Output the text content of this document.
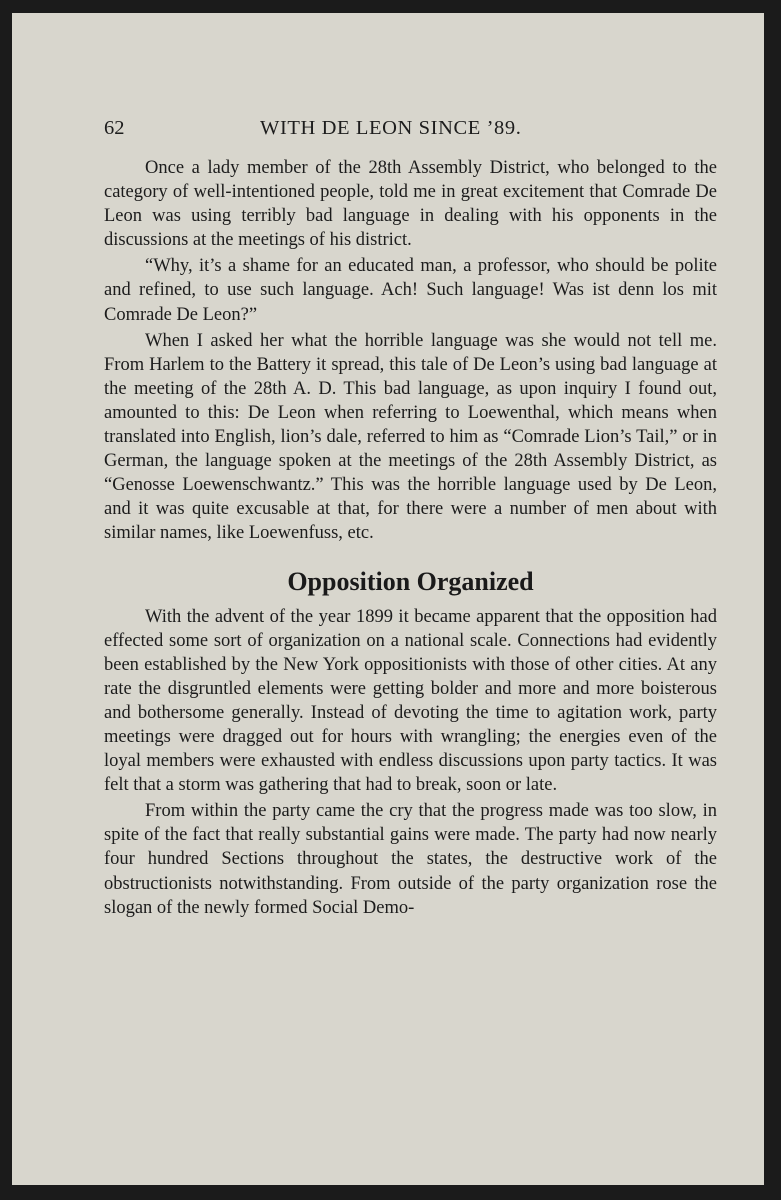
62	WITH DE LEON SINCE ’89.

Once a lady member of the 28th Assembly District, who belonged to the category of well-intentioned people, told me in great excitement that Comrade De Leon was using terribly bad language in dealing with his opponents in the discussions at the meetings of his district.

“Why, it’s a shame for an educated man, a professor, who should be polite and refined, to use such language. Ach! Such language! Was ist denn los mit Comrade De Leon?”

When I asked her what the horrible language was she would not tell me. From Harlem to the Battery it spread, this tale of De Leon’s using bad language at the meeting of the 28th A. D. This bad language, as upon inquiry I found out, amounted to this: De Leon when referring to Loewenthal, which means when translated into English, lion’s dale, referred to him as “Comrade Lion’s Tail,” or in German, the language spoken at the meetings of the 28th Assembly District, as “Genosse Loewenschwantz.” This was the horrible language used by De Leon, and it was quite excusable at that, for there were a number of men about with similar names, like Loewenfuss, etc.

Opposition Organized

With the advent of the year 1899 it became apparent that the opposition had effected some sort of organization on a national scale. Connections had evidently been established by the New York oppositionists with those of other cities. At any rate the disgruntled elements were getting bolder and more and more boisterous and bothersome generally. Instead of devoting the time to agitation work, party meetings were dragged out for hours with wrangling; the energies even of the loyal members were exhausted with endless discussions upon party tactics. It was felt that a storm was gathering that had to break, soon or late.

From within the party came the cry that the progress made was too slow, in spite of the fact that really substantial gains were made. The party had now nearly four hundred Sections throughout the states, the destructive work of the obstructionists notwithstanding. From outside of the party organization rose the slogan of the newly formed Social Demo-
